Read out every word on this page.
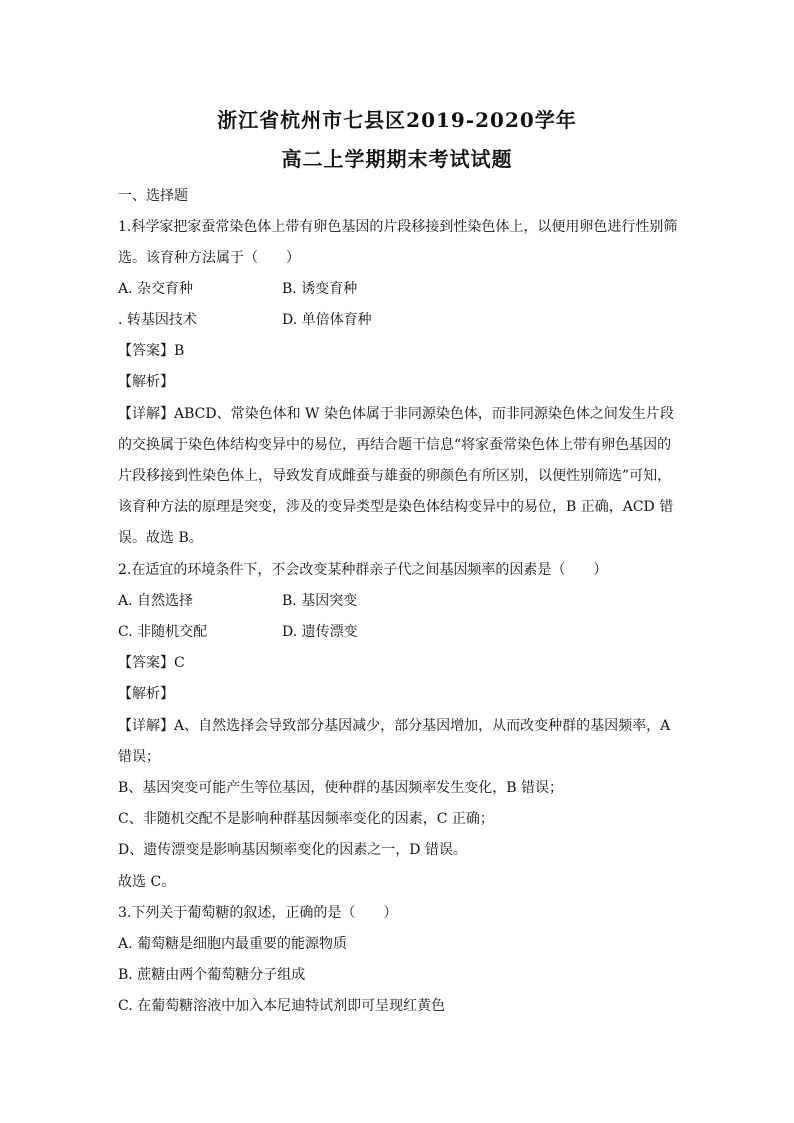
浙江省杭州市七县区2019-2020学年
高二上学期期末考试试题
一、选择题
1.科学家把家蚕常染色体上带有卵色基因的片段移接到性染色体上，以便用卵色进行性别筛
选。该育种方法属于（　　）
A. 杂交育种	B. 诱变育种
. 转基因技术	D. 单倍体育种
【答案】B
【解析】
【详解】ABCD、常染色体和 W 染色体属于非同源染色体，而非同源染色体之间发生片段
的交换属于染色体结构变异中的易位，再结合题干信息“将家蚕常染色体上带有卵色基因的
片段移接到性染色体上，导致发育成雌蚕与雄蚕的卵颜色有所区别，以便性别筛选”可知，
该育种方法的原理是突变，涉及的变异类型是染色体结构变异中的易位，B 正确，ACD 错
误。故选 B。
2.在适宜的环境条件下，不会改变某种群亲子代之间基因频率的因素是（　　）
A. 自然选择	B. 基因突变
C. 非随机交配	D. 遗传漂变
【答案】C
【解析】
【详解】A、自然选择会导致部分基因减少，部分基因增加，从而改变种群的基因频率，A
错误；
B、基因突变可能产生等位基因，使种群的基因频率发生变化，B 错误；
C、非随机交配不是影响种群基因频率变化的因素，C 正确；
D、遗传漂变是影响基因频率变化的因素之一，D 错误。
故选 C。
3.下列关于葡萄糖的叙述，正确的是（　　）
A. 葡萄糖是细胞内最重要的能源物质
B. 蔗糖由两个葡萄糖分子组成
C. 在葡萄糖溶液中加入本尼迪特试剂即可呈现红黄色
